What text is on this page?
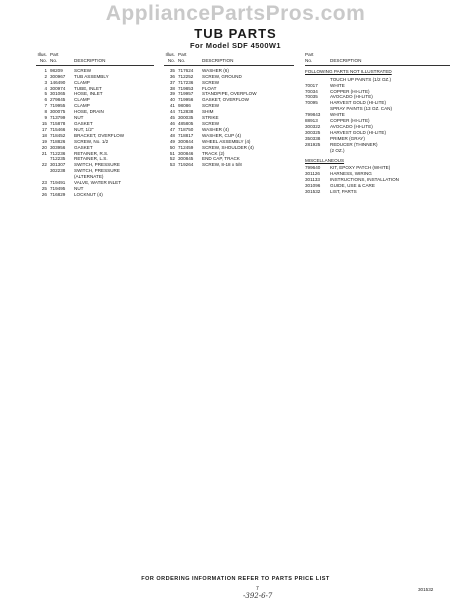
AppliancePartsPros.com
TUB PARTS
For Model SDF 4500W1
Illus. Part
No. No.	DESCRIPTION
1 98209	SCREW
2 300967	TUB ASSEMBLY
3 146490	CLAMP
4 300974	TUBE, INLET
5 301065	HOSE, INLET
6 279845	CLAMP
7 719955	CLAMP
8 300075	HOSE, DRAIN
9 713799	NUT
15 715878	GASKET
17 715466	NUT, 1/2"
18 718452	BRACKET, OVERFLOW
19 718826	SCREW, No. 1/2
20 303956	GASKET
21 712236	RETAINER, R.S.
712235	RETAINER, L.S.
22 301307	SWITCH, PRESSURE
302238	SWITCH, PRESSURE
(ALTERNATE)
23 719491	VALVE, WATER INLET
25 719495	NUT
26 716829	LOCKNUT (4)
Illus. Part
No. No.	DESCRIPTION
35 717624	WASHER (6)
36 712252	SCREW, GROUND
37 717236	SCREW
38 719853	FLOAT
39 719957	STANDPIPE, OVERFLOW
40 719956	GASKET, OVERFLOW
41 98086	SCREW
44 712838	SHIM
45 300035	STRIKE
46 485805	SCREW
47 718750	WASHER (4)
48 718817	WASHER, CUP (4)
49 300844	WHEEL ASSEMBLY (4)
50 712459	SCREW, SHOULDER (4)
51 300846	TRACK (2)
52 300845	END CAP, TRACK
53 719264	SCREW, 8-18 x 5/8
Part
No.	DESCRIPTION
FOLLOWING PARTS NOT ILLUSTRATED
TOUCH UP PAINTS (1/2 OZ.)
70017	WHITE
70034	COPPER (HI-LITE)
70035	AVOCADO (HI-LITE)
70095	HARVEST GOLD (HI-LITE)
SPRAY PAINTS (13 OZ. CAN)
799843	WHITE
88913	COPPER (HI-LITE)
300322	AVOCADO (HI-LITE)
300325	HARVEST GOLD (HI-LITE)
350338	PRIMER (GRAY)
281925	REDUCER (THINNER)
(2 OZ.)
MISCELLANEOUS
799640	KIT, EPOXY PATCH (WHITE)
301126	HARNESS, WIRING
301133	INSTRUCTIONS, INSTALLATION
301096	GUIDE, USE & CARE
301532	LIST, PARTS
FOR ORDERING INFORMATION REFER TO PARTS PRICE LIST
7	301532
-392-6-7
